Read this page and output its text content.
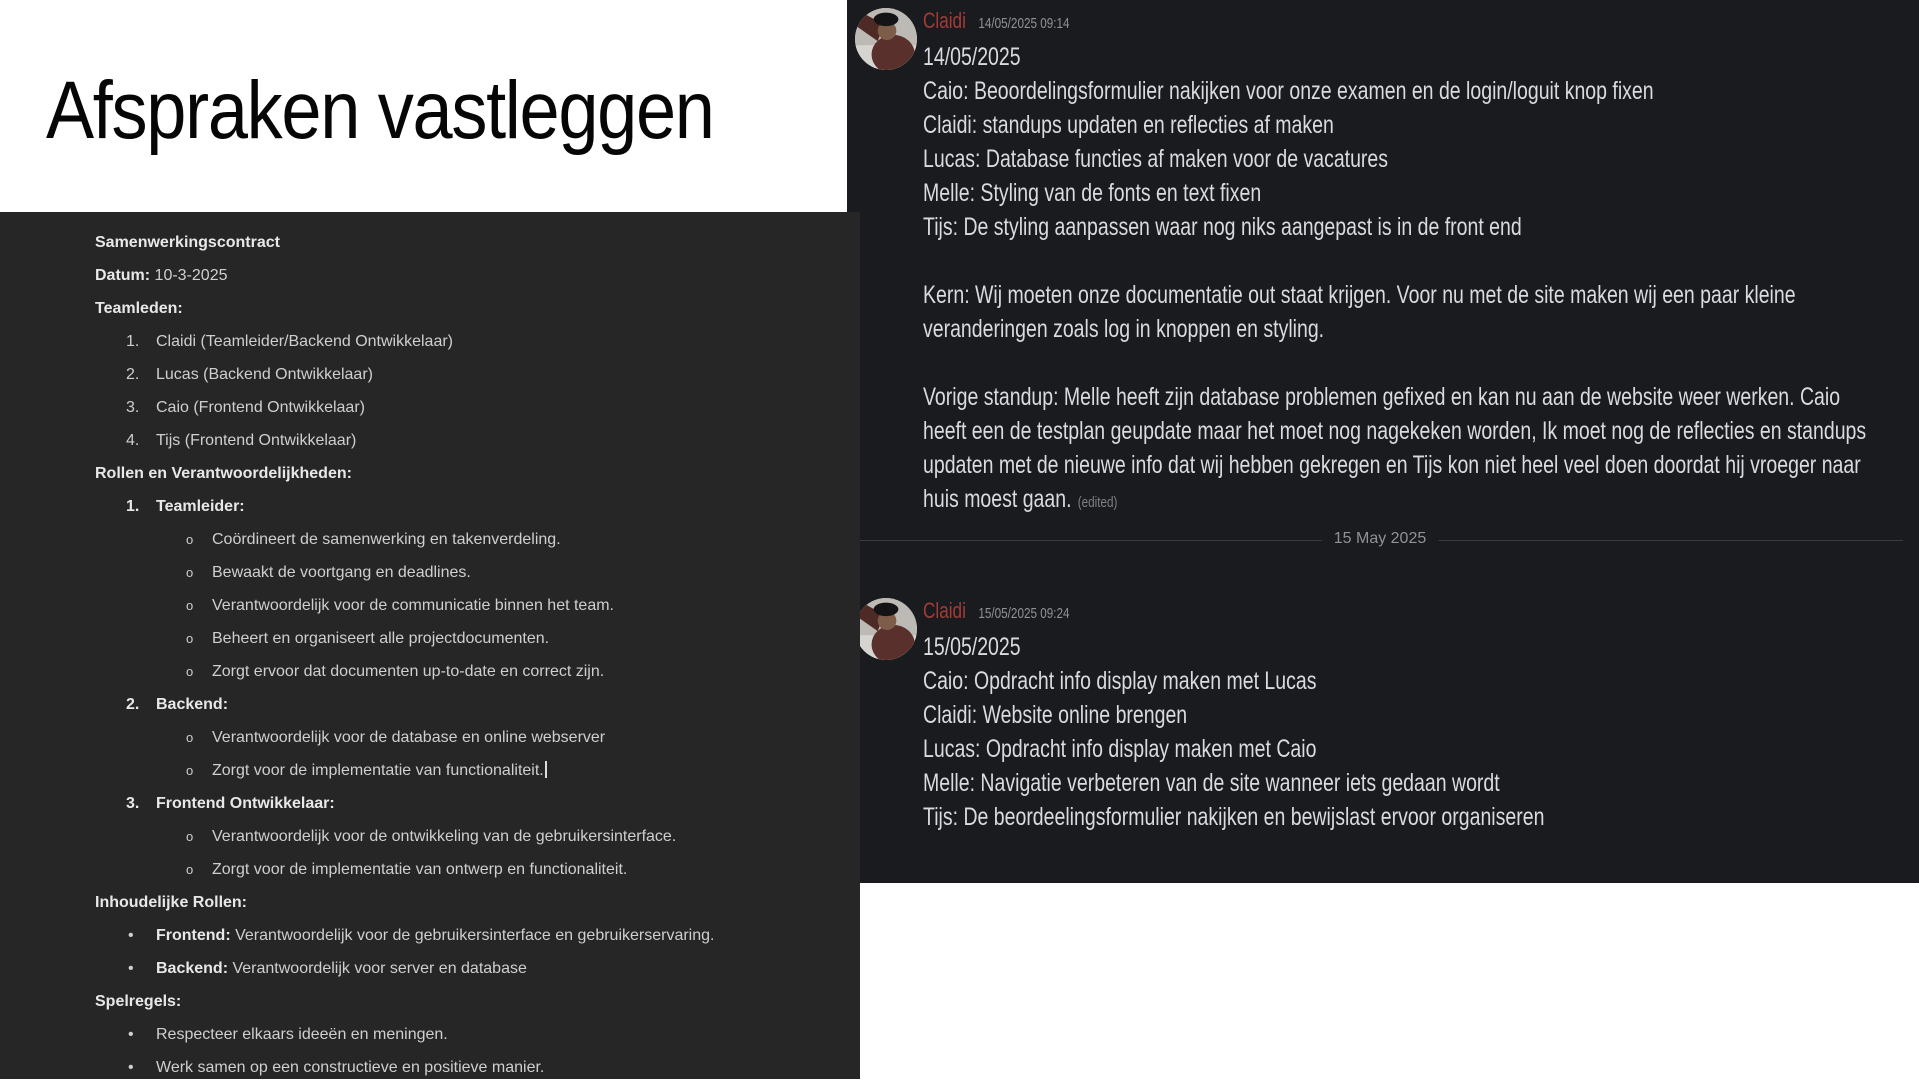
Afspraken vastleggen
Samenwerkingscontract
Datum: 10-3-2025
Teamleden:
1. Claidi (Teamleider/Backend Ontwikkelaar)
2. Lucas (Backend Ontwikkelaar)
3. Caio (Frontend Ontwikkelaar)
4. Tijs (Frontend Ontwikkelaar)
Rollen en Verantwoordelijkheden:
1. Teamleider:
o Coördineert de samenwerking en takenverdeling.
o Bewaakt de voortgang en deadlines.
o Verantwoordelijk voor de communicatie binnen het team.
o Beheert en organiseert alle projectdocumenten.
o Zorgt ervoor dat documenten up-to-date en correct zijn.
2. Backend:
o Verantwoordelijk voor de database en online webserver
o Zorgt voor de implementatie van functionaliteit.
3. Frontend Ontwikkelaar:
o Verantwoordelijk voor de ontwikkeling van de gebruikersinterface.
o Zorgt voor de implementatie van ontwerp en functionaliteit.
Inhoudelijke Rollen:
• Frontend: Verantwoordelijk voor de gebruikersinterface en gebruikerservaring.
• Backend: Verantwoordelijk voor server en database
Spelregels:
• Respecteer elkaars ideeën en meningen.
• Werk samen op een constructieve en positieve manier.
Claidi 14/05/2025 09:14
14/05/2025
Caio: Beoordelingsformulier nakijken voor onze examen en de login/loguit knop fixen
Claidi: standups updaten en reflecties af maken
Lucas: Database functies af maken voor de vacatures
Melle: Styling van de fonts en text fixen
Tijs: De styling aanpassen waar nog niks aangepast is in de front end
Kern: Wij moeten onze documentatie out staat krijgen. Voor nu met de site maken wij een paar kleine veranderingen zoals log in knoppen en styling.
Vorige standup: Melle heeft zijn database problemen gefixed en kan nu aan de website weer werken. Caio heeft een de testplan geupdate maar het moet nog nagekeken worden, Ik moet nog de reflecties en standups updaten met de nieuwe info dat wij hebben gekregen en Tijs kon niet heel veel doen doordat hij vroeger naar huis moest gaan. (edited)
15 May 2025
Claidi 15/05/2025 09:24
15/05/2025
Caio: Opdracht info display maken met Lucas
Claidi: Website online brengen
Lucas: Opdracht info display maken met Caio
Melle: Navigatie verbeteren van de site wanneer iets gedaan wordt
Tijs: De beordeelingsformulier nakijken en bewijslast ervoor organiseren
